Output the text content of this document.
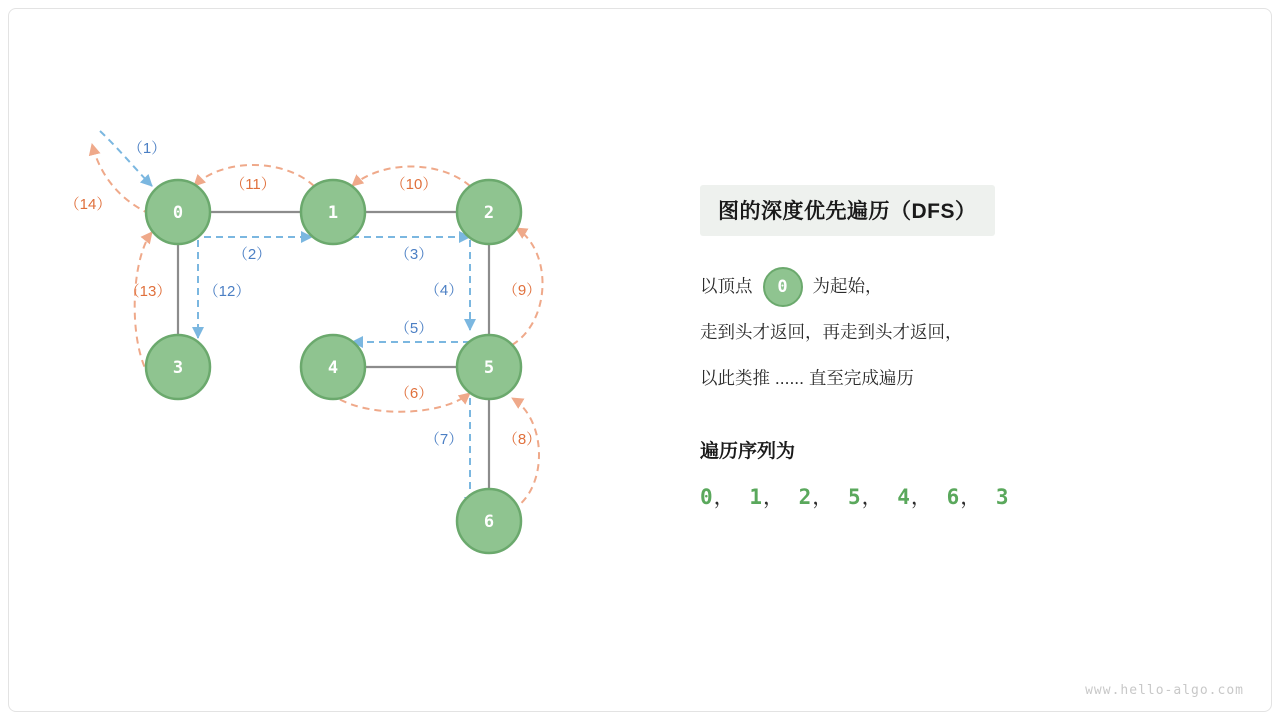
0	1	2
3	4	5
6
（1）
（2）	（3）
（4）
（5）
（6）
（7）	（8）
（9）
（10）
（11）
（12）
（13）
（14）	图的深度优先遍历（DFS）
以顶点	0	为起始，
走到头才返回，再走到头才返回，
以此类推 ...... 直至完成遍历
遍历序列为
0， 1， 2， 5， 4， 6， 3
www.hello-algo.com
